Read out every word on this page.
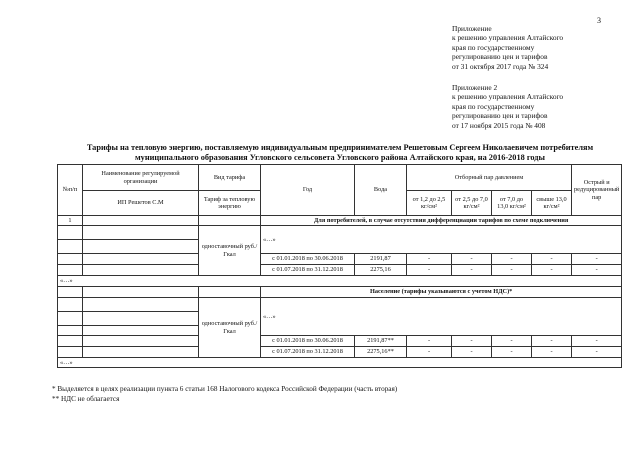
3
Приложение
к решению управления Алтайского
края по государственному
регулированию цен и тарифов
от 31 октября 2017 года № 324
Приложение 2
к решению управления Алтайского
края по государственному
регулированию цен и тарифов
от 17 ноября 2015 года № 408
Тарифы на тепловую энергию, поставляемую индивидуальным предпринимателем Решетовым Сергеем Николаевичем потребителям
муниципального образования Угловского сельсовета Угловского района Алтайского края, на 2016-2018 годы
№п/п	Наименование регулируемой организации	Вид тарифа	Год	Вода	Отборный пар давлением				Острый и редуцированный пар
	ИП Решетов С.М	Тариф за тепловую энергию			от 1,2 до 2,5 кг/см²	от 2,5 до 7,0 кг/см²	от 7,0 до 13,0 кг/см²	свыше 13,0 кг/см²	
1			Для потребителей, в случае отсутствия дифференциации тарифов по схеме подключения						
		одноставочный руб./Гкал	«…»						

			с 01.01.2018 по 30.06.2018	2191,87	-	-	-	-	-
			с 01.07.2018 по 31.12.2018	2275,16	-	-	-	-	-
«…»									
			Население (тарифы указываются с учетом НДС)*						
		одноставочный руб./Гкал	«…»						

			с 01.01.2018 по 30.06.2018	2191,87**	-	-	-	-	-
			с 01.07.2018 по 31.12.2018	2275,16**	-	-	-	-	-
«…»									
* Выделяется в целях реализации пункта 6 статьи 168 Налогового кодекса Российской Федерации (часть вторая)
** НДС не облагается
